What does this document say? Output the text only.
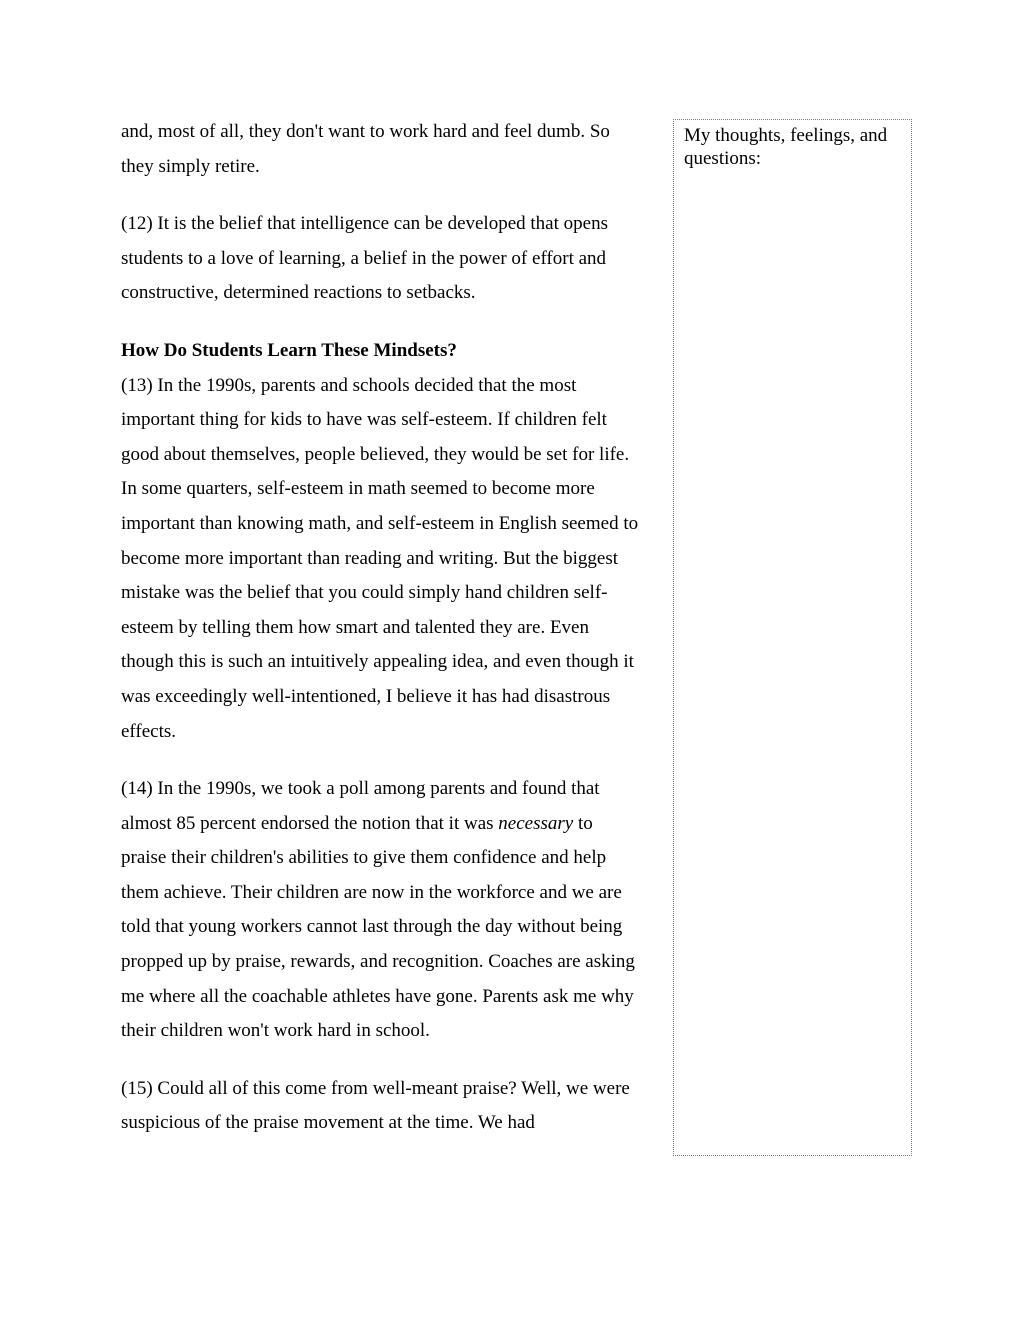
and, most of all, they don't want to work hard and feel dumb. So they simply retire.

(12) It is the belief that intelligence can be developed that opens students to a love of learning, a belief in the power of effort and constructive, determined reactions to setbacks.

How Do Students Learn These Mindsets?

(13) In the 1990s, parents and schools decided that the most important thing for kids to have was self-esteem. If children felt good about themselves, people believed, they would be set for life. In some quarters, self-esteem in math seemed to become more important than knowing math, and self-esteem in English seemed to become more important than reading and writing. But the biggest mistake was the belief that you could simply hand children self-esteem by telling them how smart and talented they are. Even though this is such an intuitively appealing idea, and even though it was exceedingly well-intentioned, I believe it has had disastrous effects.

(14) In the 1990s, we took a poll among parents and found that almost 85 percent endorsed the notion that it was necessary to praise their children's abilities to give them confidence and help them achieve. Their children are now in the workforce and we are told that young workers cannot last through the day without being propped up by praise, rewards, and recognition. Coaches are asking me where all the coachable athletes have gone. Parents ask me why their children won't work hard in school.

(15) Could all of this come from well-meant praise? Well, we were suspicious of the praise movement at the time. We had

My thoughts, feelings, and questions:
